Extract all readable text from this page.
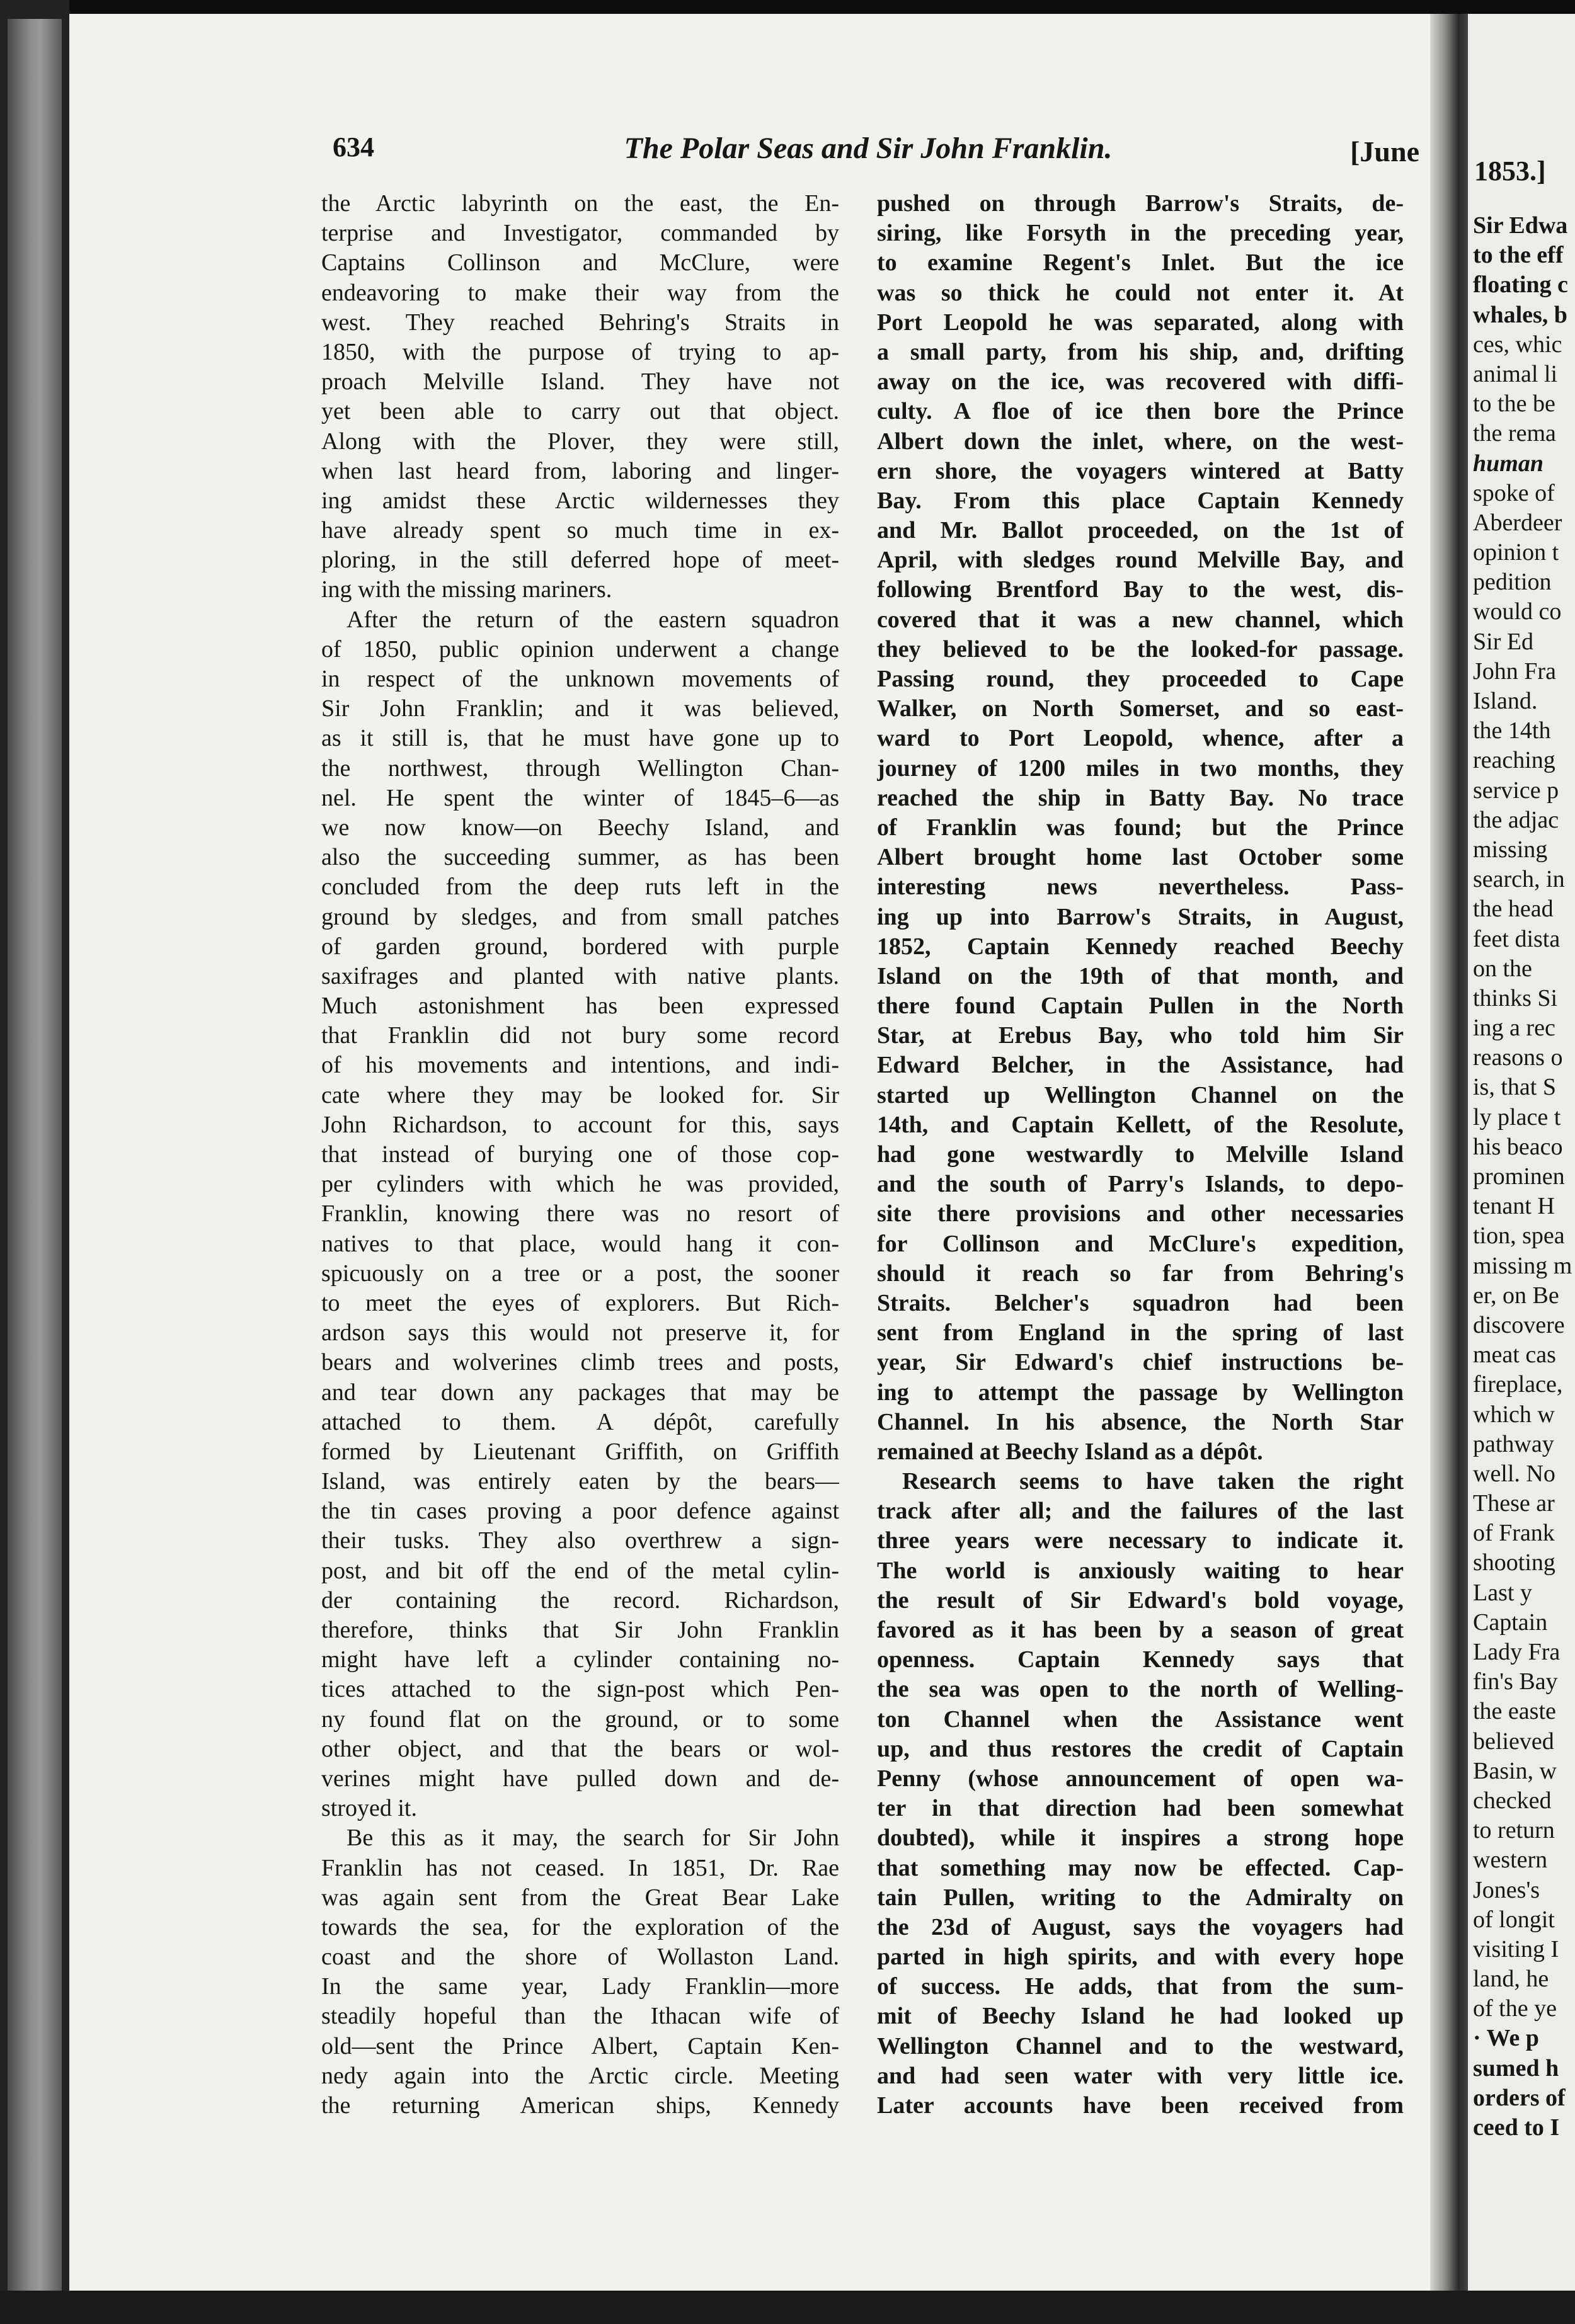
634	The Polar Seas and Sir John Franklin.	[June
the Arctic labyrinth on the east, the En-
terprise and Investigator, commanded by
Captains Collinson and McClure, were
endeavoring to make their way from the
west. They reached Behring's Straits in
1850, with the purpose of trying to ap-
proach Melville Island. They have not
yet been able to carry out that object.
Along with the Plover, they were still,
when last heard from, laboring and linger-
ing amidst these Arctic wildernesses they
have already spent so much time in ex-
ploring, in the still deferred hope of meet-
ing with the missing mariners.
After the return of the eastern squadron
of 1850, public opinion underwent a change
in respect of the unknown movements of
Sir John Franklin; and it was believed,
as it still is, that he must have gone up to
the northwest, through Wellington Chan-
nel. He spent the winter of 1845–6—as
we now know—on Beechy Island, and
also the succeeding summer, as has been
concluded from the deep ruts left in the
ground by sledges, and from small patches
of garden ground, bordered with purple
saxifrages and planted with native plants.
Much astonishment has been expressed
that Franklin did not bury some record
of his movements and intentions, and indi-
cate where they may be looked for. Sir
John Richardson, to account for this, says
that instead of burying one of those cop-
per cylinders with which he was provided,
Franklin, knowing there was no resort of
natives to that place, would hang it con-
spicuously on a tree or a post, the sooner
to meet the eyes of explorers. But Rich-
ardson says this would not preserve it, for
bears and wolverines climb trees and posts,
and tear down any packages that may be
attached to them. A dépôt, carefully
formed by Lieutenant Griffith, on Griffith
Island, was entirely eaten by the bears—
the tin cases proving a poor defence against
their tusks. They also overthrew a sign-
post, and bit off the end of the metal cylin-
der containing the record. Richardson,
therefore, thinks that Sir John Franklin
might have left a cylinder containing no-
tices attached to the sign-post which Pen-
ny found flat on the ground, or to some
other object, and that the bears or wol-
verines might have pulled down and de-
stroyed it.
Be this as it may, the search for Sir John
Franklin has not ceased. In 1851, Dr. Rae
was again sent from the Great Bear Lake
towards the sea, for the exploration of the
coast and the shore of Wollaston Land.
In the same year, Lady Franklin—more
steadily hopeful than the Ithacan wife of
old—sent the Prince Albert, Captain Ken-
nedy again into the Arctic circle. Meeting
the returning American ships, Kennedy
pushed on through Barrow's Straits, de-
siring, like Forsyth in the preceding year,
to examine Regent's Inlet. But the ice
was so thick he could not enter it. At
Port Leopold he was separated, along with
a small party, from his ship, and, drifting
away on the ice, was recovered with diffi-
culty. A floe of ice then bore the Prince
Albert down the inlet, where, on the west-
ern shore, the voyagers wintered at Batty
Bay. From this place Captain Kennedy
and Mr. Ballot proceeded, on the 1st of
April, with sledges round Melville Bay, and
following Brentford Bay to the west, dis-
covered that it was a new channel, which
they believed to be the looked-for passage.
Passing round, they proceeded to Cape
Walker, on North Somerset, and so east-
ward to Port Leopold, whence, after a
journey of 1200 miles in two months, they
reached the ship in Batty Bay. No trace
of Franklin was found; but the Prince
Albert brought home last October some
interesting news nevertheless. Pass-
ing up into Barrow's Straits, in August,
1852, Captain Kennedy reached Beechy
Island on the 19th of that month, and
there found Captain Pullen in the North
Star, at Erebus Bay, who told him Sir
Edward Belcher, in the Assistance, had
started up Wellington Channel on the
14th, and Captain Kellett, of the Resolute,
had gone westwardly to Melville Island
and the south of Parry's Islands, to depo-
site there provisions and other necessaries
for Collinson and McClure's expedition,
should it reach so far from Behring's
Straits. Belcher's squadron had been
sent from England in the spring of last
year, Sir Edward's chief instructions be-
ing to attempt the passage by Wellington
Channel. In his absence, the North Star
remained at Beechy Island as a dépôt.
Research seems to have taken the right
track after all; and the failures of the last
three years were necessary to indicate it.
The world is anxiously waiting to hear
the result of Sir Edward's bold voyage,
favored as it has been by a season of great
openness. Captain Kennedy says that
the sea was open to the north of Welling-
ton Channel when the Assistance went
up, and thus restores the credit of Captain
Penny (whose announcement of open wa-
ter in that direction had been somewhat
doubted), while it inspires a strong hope
that something may now be effected. Cap-
tain Pullen, writing to the Admiralty on
the 23d of August, says the voyagers had
parted in high spirits, and with every hope
of success. He adds, that from the sum-
mit of Beechy Island he had looked up
Wellington Channel and to the westward,
and had seen water with very little ice.
Later accounts have been received from
1853.]
Sir Edwa
to the eff
floating c
whales, b
ces, whic
animal li
to the be
the rema
human
spoke of
Aberdeer
opinion t
pedition
would co
Sir Ed
John Fra
Island.
the 14th
reaching
service p
the adjac
missing
search, in
the head
feet dista
on the
thinks Si
ing a rec
reasons o
is, that S
ly place t
his beaco
prominen
tenant H
tion, spea
missing m
er, on Be
discovere
meat cas
fireplace,
which w
pathway
well. No
These ar
of Frank
shooting
Last y
Captain
Lady Fra
fin's Bay
the easte
believed
Basin, w
checked
to return
western
Jones's
of longit
visiting I
land, he
of the ye
· We p
sumed h
orders of
ceed to I
